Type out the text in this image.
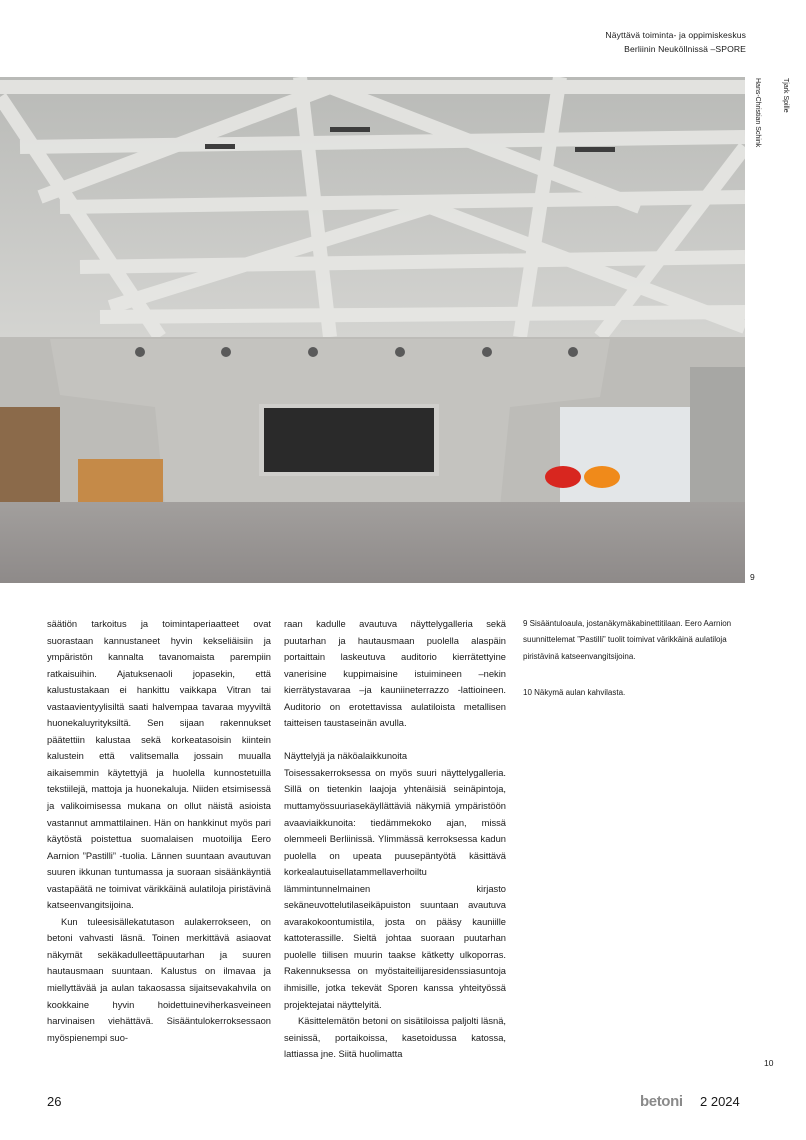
Näyttävä toiminta- ja oppimiskeskus
Berliinin Neuköllnissä –SPORE
Hans-Christian Schink	Tjark Spille
9

säätiön tarkoitus ja toimintaperiaatteet ovat suorastaan kannustaneet hyvin kekseliäisiin ja ympäristön kannalta tavanomaista parempiin ratkaisuihin. Ajatuksenaoli jopasekin, että kalustustakaan ei hankittu vaikkapa Vitran tai vastaavientyylisiltä saati halvempaa tavaraa myyviltä huonekaluyrityksiltä. Sen sijaan rakennukset päätettiin kalustaa sekä korkeatasoisin kiintein kalustein että valitsemalla jossain muualla aikaisemmin käytettyjä ja huolella kunnostetuilla tekstiilejä, mattoja ja huonekaluja. Niiden etsimisessä ja valikoimisessa mukana on ollut näistä asioista vastannut ammattilainen. Hän on hankkinut myös pari käytöstä poistettua suomalaisen muotoilija Eero Aarnion ”Pastilli” -tuolia. Lännen suuntaan avautuvan suuren ikkunan tuntumassa ja suoraan sisäänkäyntiä vastapäätä ne toimivat värikkäinä aulatiloja piristävinä katseenvangitsijoina.

Kun tuleesisällekatutason aulakerrokseen, on betoni vahvasti läsnä. Toinen merkittävä asiaovat näkymät sekäkadulleettäpuutarhan ja suuren hautausmaan suuntaan. Kalustus on ilmavaa ja miellyttävää ja aulan takaosassa sijaitsevakahvila on kookkaine hyvin hoidettuineviherkasveineen harvinaisen viehättävä. Sisääntulokerroksessaon myöspienempi suo-

raan kadulle avautuva näyttelygalleria sekä puutarhan ja hautausmaan puolella alaspäin portaittain laskeutuva auditorio kierrätettyine vanerisine kuppimaisine istuimineen –nekin kierrätystavaraa –ja kauniineterrazzo -lattioineen. Auditorio on erotettavissa aulatiloista metallisen taitteisen taustaseinän avulla.

Näyttelyjä ja näköalaikkunoita

Toisessakerroksessa on myös suuri näyttelygalleria. Sillä on tietenkin laajoja yhtenäisiä seinäpintoja, muttamyössuuriasekäyllättäviä näkymiä ympäristöön avaaviaikkunoita: tiedämmekoko ajan, missä olemmeeli Berliinissä. Ylimmässä kerroksessa kadun puolella on upeata puusepäntyötä käsittävä korkealautuisellatammellaverhoiltu lämmintunnelmainen kirjasto sekäneuvottelutilaseikäpuiston suuntaan avautuva avarakokoontumistila, josta on pääsy kauniille kattoterassille. Sieltä johtaa suoraan puutarhan puolelle tiilisen muurin taakse kätketty ulkoporras. Rakennuksessa on myöstaiteilijaresidenssiasuntoja ihmisille, jotka tekevät Sporen kanssa yhteityössä projektejatai näyttelyitä.

Käsittelemätön betoni on sisätiloissa paljolti läsnä, seinissä, portaikoissa, kasetoidussa katossa, lattiassa jne. Siitä huolimatta

9 Sisääntuloaula, jostanäkymäkabinettitilaan. Eero Aarnion suunnittelemat ”Pastilli” tuolit toimivat värikkäinä aulatiloja piristävinä katseenvangitsijoina.

10 Näkymä aulan kahvilasta.

10
26	betoni 2 2024
